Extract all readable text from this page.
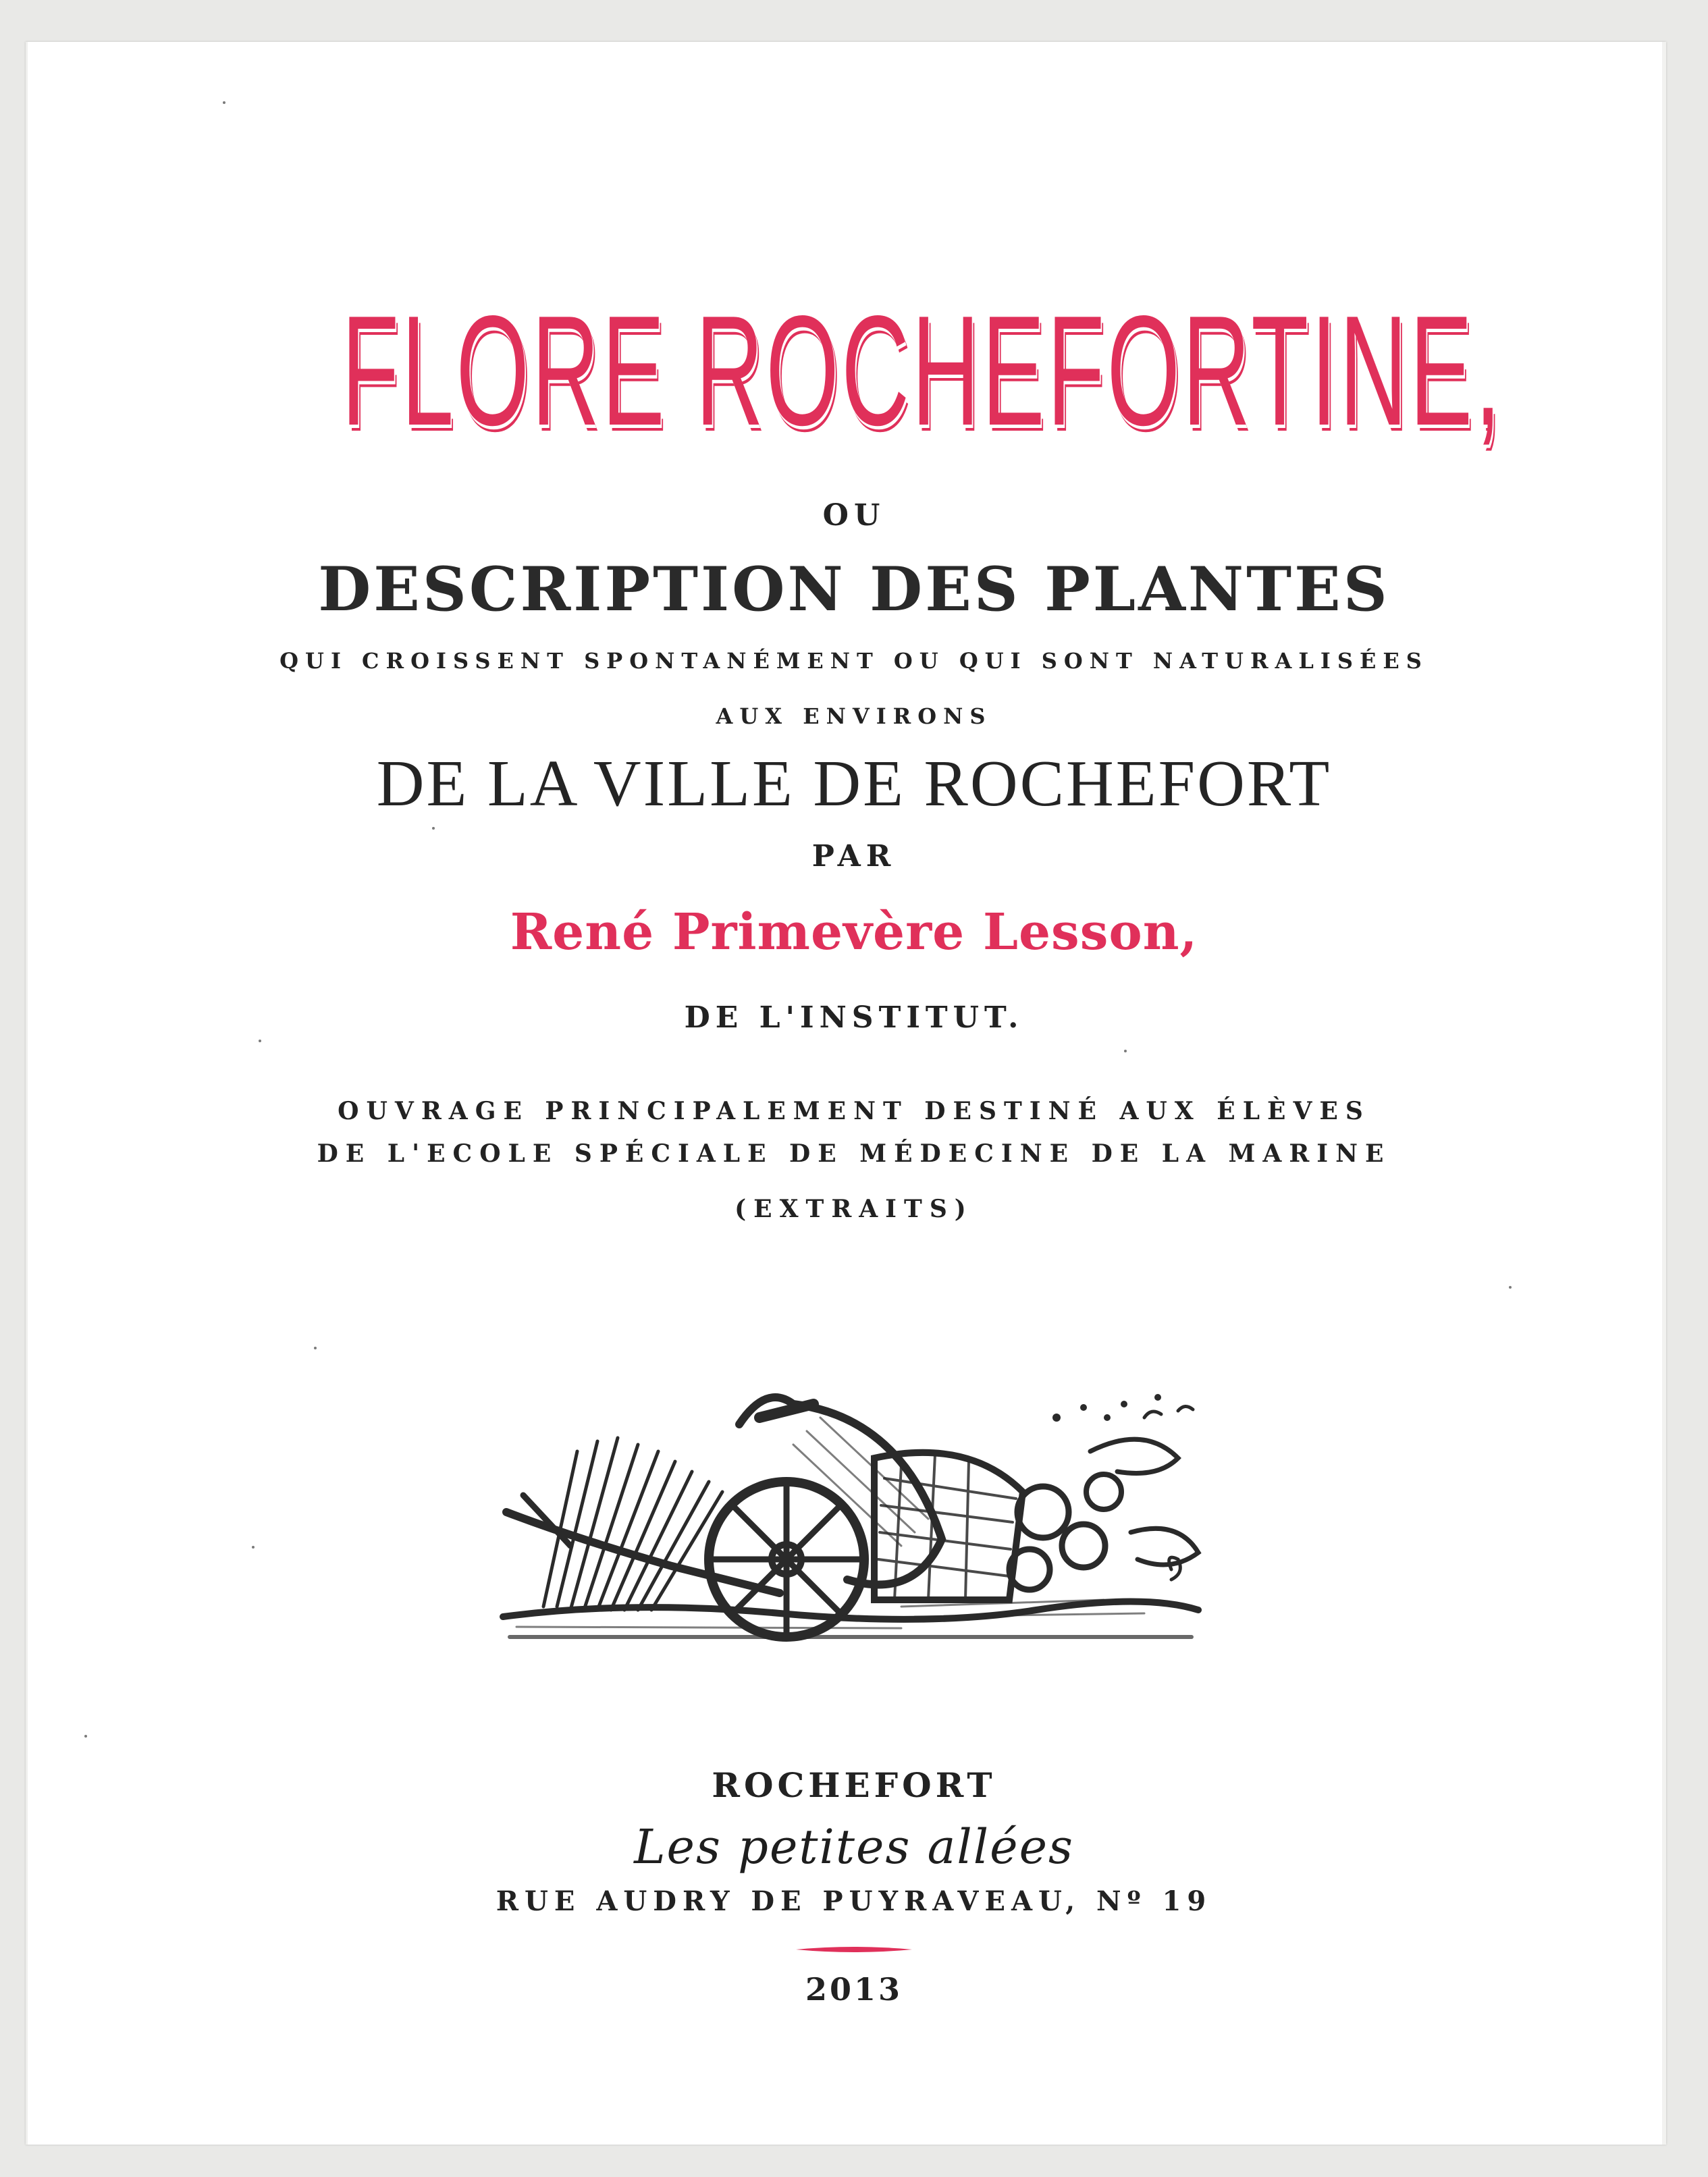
FLORE ROCHEFORTINE,
OU
DESCRIPTION DES PLANTES
QUI CROISSENT SPONTANÉMENT OU QUI SONT NATURALISÉES
AUX ENVIRONS
DE LA VILLE DE ROCHEFORT
PAR
René Primevère Lesson,
DE L'INSTITUT.
OUVRAGE PRINCIPALEMENT DESTINÉ AUX ÉLÈVES
DE L'ECOLE SPÉCIALE DE MÉDECINE DE LA MARINE
(EXTRAITS)
ROCHEFORT
Les petites allées
RUE AUDRY DE PUYRAVEAU, Nº 19
2013
